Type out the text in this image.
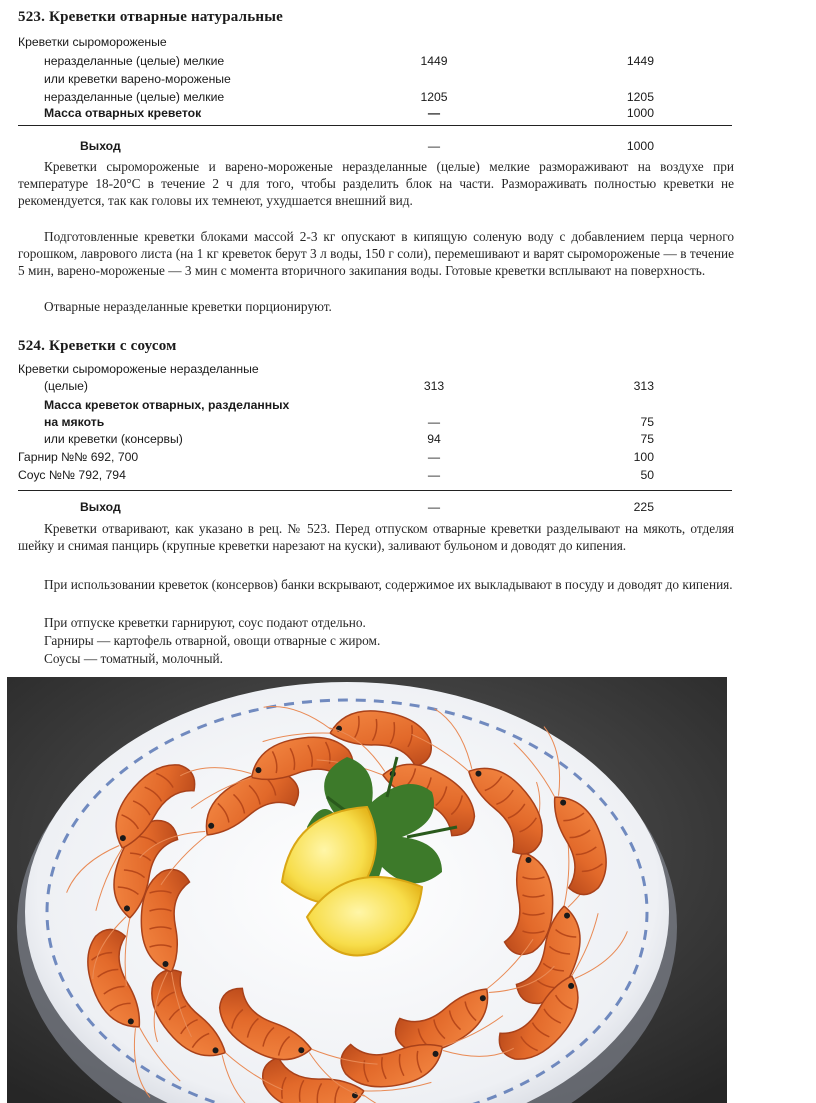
523. Креветки отварные натуральные
Креветки сыромороженые
неразделанные (целые) мелкие	1449	1449
или креветки варено-мороженые
неразделанные (целые) мелкие	1205	1205
Масса отварных креветок	—	1000
Выход	—	1000

Креветки сыромороженые и варено-мороженые неразделанные (целые) мелкие размораживают на воздухе при температуре 18-20°С в течение 2 ч для того, чтобы разделить блок на части. Размораживать полностью креветки не рекомендуется, так как головы их темнеют, ухудшается внешний вид.

Подготовленные креветки блоками массой 2-3 кг опускают в кипящую соленую воду с добавлением перца черного горошком, лаврового листа (на 1 кг креветок берут 3 л воды, 150 г соли), перемешивают и варят сыромороженые — в течение 5 мин, варено-мороженые — 3 мин с момента вторичного закипания воды. Готовые креветки всплывают на поверхность.

Отварные неразделанные креветки порционируют.

524. Креветки с соусом
Креветки сыромороженые неразделанные
(целые)	313	313
Масса креветок отварных, разделанных
на мякоть	—	75
или креветки (консервы)	94	75
Гарнир №№ 692, 700	—	100
Соус №№ 792, 794	—	50
Выход	—	225

Креветки отваривают, как указано в рец. № 523. Перед отпуском отварные креветки разделывают на мякоть, отделяя шейку и снимая панцирь (крупные креветки нарезают на куски), заливают бульоном и доводят до кипения.

При использовании креветок (консервов) банки вскрывают, содержимое их выкладывают в посуду и доводят до кипения.

При отпуске креветки гарнируют, соус подают отдельно.

Гарниры — картофель отварной, овощи отварные с жиром.

Соусы — томатный, молочный.
